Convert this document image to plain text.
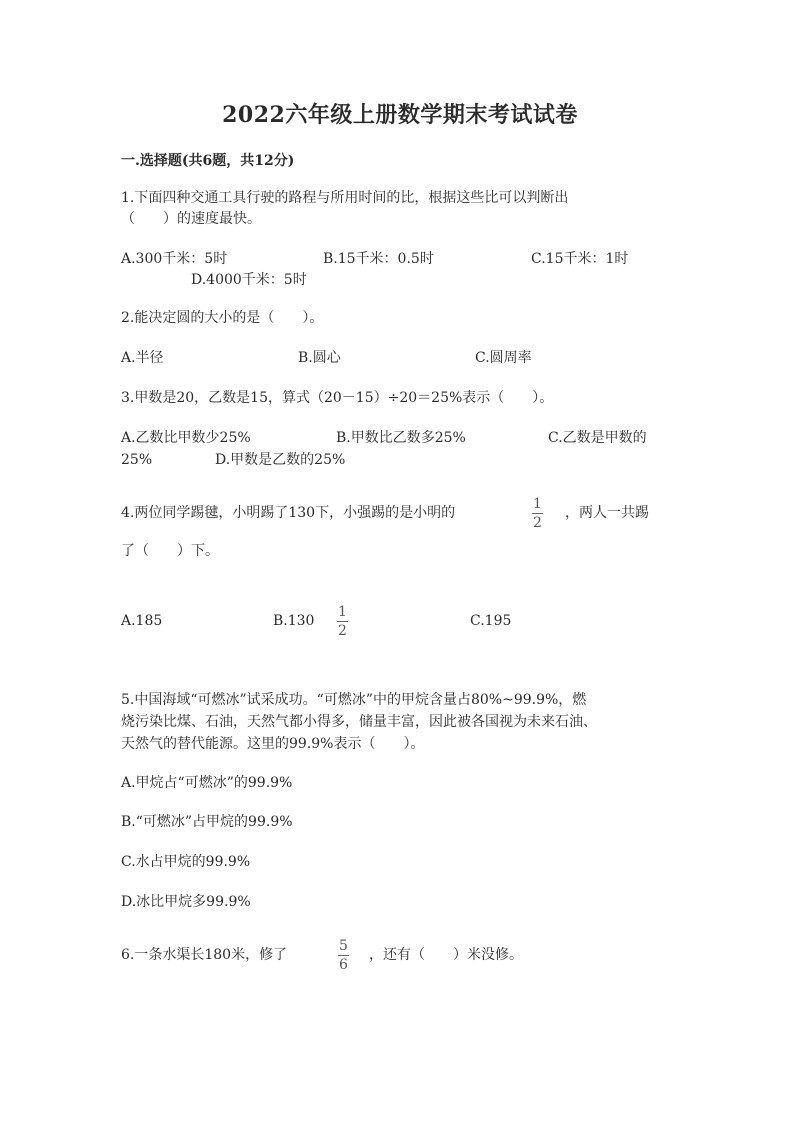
2022六年级上册数学期末考试试卷
一.选择题(共6题，共12分)
1.下面四种交通工具行驶的路程与所用时间的比，根据这些比可以判断出
（　　）的速度最快。
A.300千米：5时	B.15千米：0.5时	C.15千米：1时
D.4000千米：5时
2.能决定圆的大小的是（　　）。
A.半径	B.圆心	C.圆周率
3.甲数是20，乙数是15，算式（20－15）÷20＝25%表示（　　）。
A.乙数比甲数少25%	B.甲数比乙数多25%	C.乙数是甲数的
25%	D.甲数是乙数的25%
4.两位同学踢毽，小明踢了130下，小强踢的是小明的
1
2
，两人一共踢
了（　　）下。
A.185	B.130
1
2
C.195
5.中国海域“可燃冰”试采成功。“可燃冰”中的甲烷含量占80%~99.9%，燃
烧污染比煤、石油，天然气都小得多，储量丰富，因此被各国视为未来石油、
天然气的替代能源。这里的99.9%表示（　　）。
A.甲烷占“可燃冰”的99.9%
B.“可燃冰”占甲烷的99.9%
C.水占甲烷的99.9%
D.冰比甲烷多99.9%
6.一条水渠长180米，修了
5
6
，还有（　　）米没修。
